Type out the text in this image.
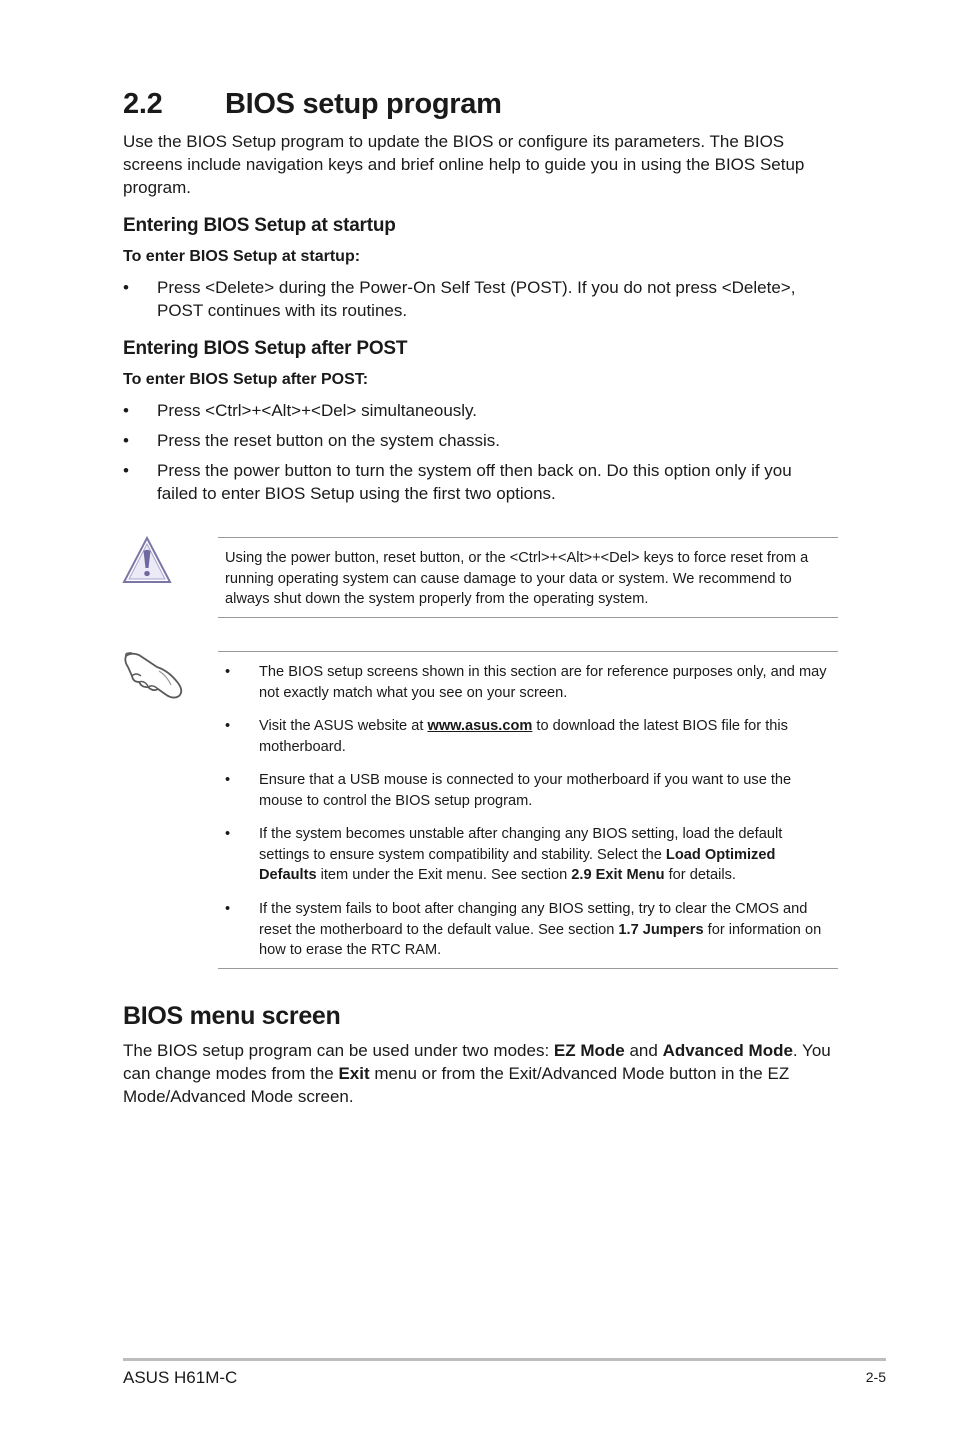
2.2 BIOS setup program
Use the BIOS Setup program to update the BIOS or configure its parameters. The BIOS screens include navigation keys and brief online help to guide you in using the BIOS Setup program.
Entering BIOS Setup at startup
To enter BIOS Setup at startup:
•	Press <Delete> during the Power-On Self Test (POST). If you do not press <Delete>, POST continues with its routines.
Entering BIOS Setup after POST
To enter BIOS Setup after POST:
•	Press <Ctrl>+<Alt>+<Del> simultaneously.
•	Press the reset button on the system chassis.
•	Press the power button to turn the system off then back on. Do this option only if you failed to enter BIOS Setup using the first two options.
Using the power button, reset button, or the <Ctrl>+<Alt>+<Del> keys to force reset from a running operating system can cause damage to your data or system. We recommend to always shut down the system properly from the operating system.
• The BIOS setup screens shown in this section are for reference purposes only, and may not exactly match what you see on your screen.
• Visit the ASUS website at www.asus.com to download the latest BIOS file for this motherboard.
• Ensure that a USB mouse is connected to your motherboard if you want to use the mouse to control the BIOS setup program.
• If the system becomes unstable after changing any BIOS setting, load the default settings to ensure system compatibility and stability. Select the Load Optimized Defaults item under the Exit menu. See section 2.9 Exit Menu for details.
• If the system fails to boot after changing any BIOS setting, try to clear the CMOS and reset the motherboard to the default value. See section 1.7 Jumpers for information on how to erase the RTC RAM.
BIOS menu screen
The BIOS setup program can be used under two modes: EZ Mode and Advanced Mode. You can change modes from the Exit menu or from the Exit/Advanced Mode button in the EZ Mode/Advanced Mode screen.
ASUS H61M-C	2-5
